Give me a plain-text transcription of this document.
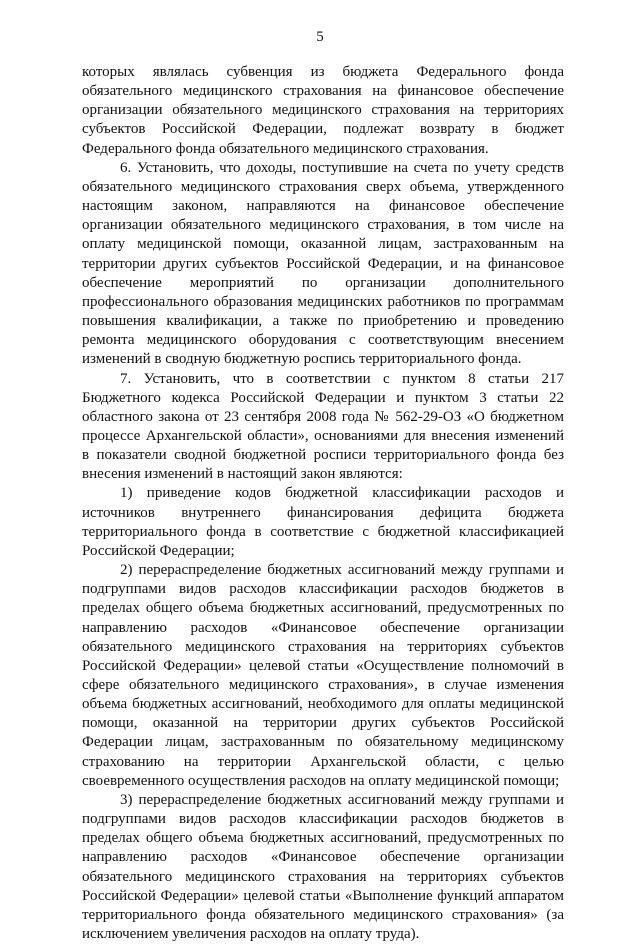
5

которых являлась субвенция из бюджета Федерального фонда обязательного медицинского страхования на финансовое обеспечение организации обязательного медицинского страхования на территориях субъектов Российской Федерации, подлежат возврату в бюджет Федерального фонда обязательного медицинского страхования.

6. Установить, что доходы, поступившие на счета по учету средств обязательного медицинского страхования сверх объема, утвержденного настоящим законом, направляются на финансовое обеспечение организации обязательного медицинского страхования, в том числе на оплату медицинской помощи, оказанной лицам, застрахованным на территории других субъектов Российской Федерации, и на финансовое обеспечение мероприятий по организации дополнительного профессионального образования медицинских работников по программам повышения квалификации, а также по приобретению и проведению ремонта медицинского оборудования с соответствующим внесением изменений в сводную бюджетную роспись территориального фонда.

7. Установить, что в соответствии с пунктом 8 статьи 217 Бюджетного кодекса Российской Федерации и пунктом 3 статьи 22 областного закона от 23 сентября 2008 года № 562-29-ОЗ «О бюджетном процессе Архангельской области», основаниями для внесения изменений в показатели сводной бюджетной росписи территориального фонда без внесения изменений в настоящий закон являются:

1) приведение кодов бюджетной классификации расходов и источников внутреннего финансирования дефицита бюджета территориального фонда в соответствие с бюджетной классификацией Российской Федерации;

2) перераспределение бюджетных ассигнований между группами и подгруппами видов расходов классификации расходов бюджетов в пределах общего объема бюджетных ассигнований, предусмотренных по направлению расходов «Финансовое обеспечение организации обязательного медицинского страхования на территориях субъектов Российской Федерации» целевой статьи «Осуществление полномочий в сфере обязательного медицинского страхования», в случае изменения объема бюджетных ассигнований, необходимого для оплаты медицинской помощи, оказанной на территории других субъектов Российской Федерации лицам, застрахованным по обязательному медицинскому страхованию на территории Архангельской области, с целью своевременного осуществления расходов на оплату медицинской помощи;

3) перераспределение бюджетных ассигнований между группами и подгруппами видов расходов классификации расходов бюджетов в пределах общего объема бюджетных ассигнований, предусмотренных по направлению расходов «Финансовое обеспечение организации обязательного медицинского страхования на территориях субъектов Российской Федерации» целевой статьи «Выполнение функций аппаратом территориального фонда обязательного медицинского страхования» (за исключением увеличения расходов на оплату труда).
